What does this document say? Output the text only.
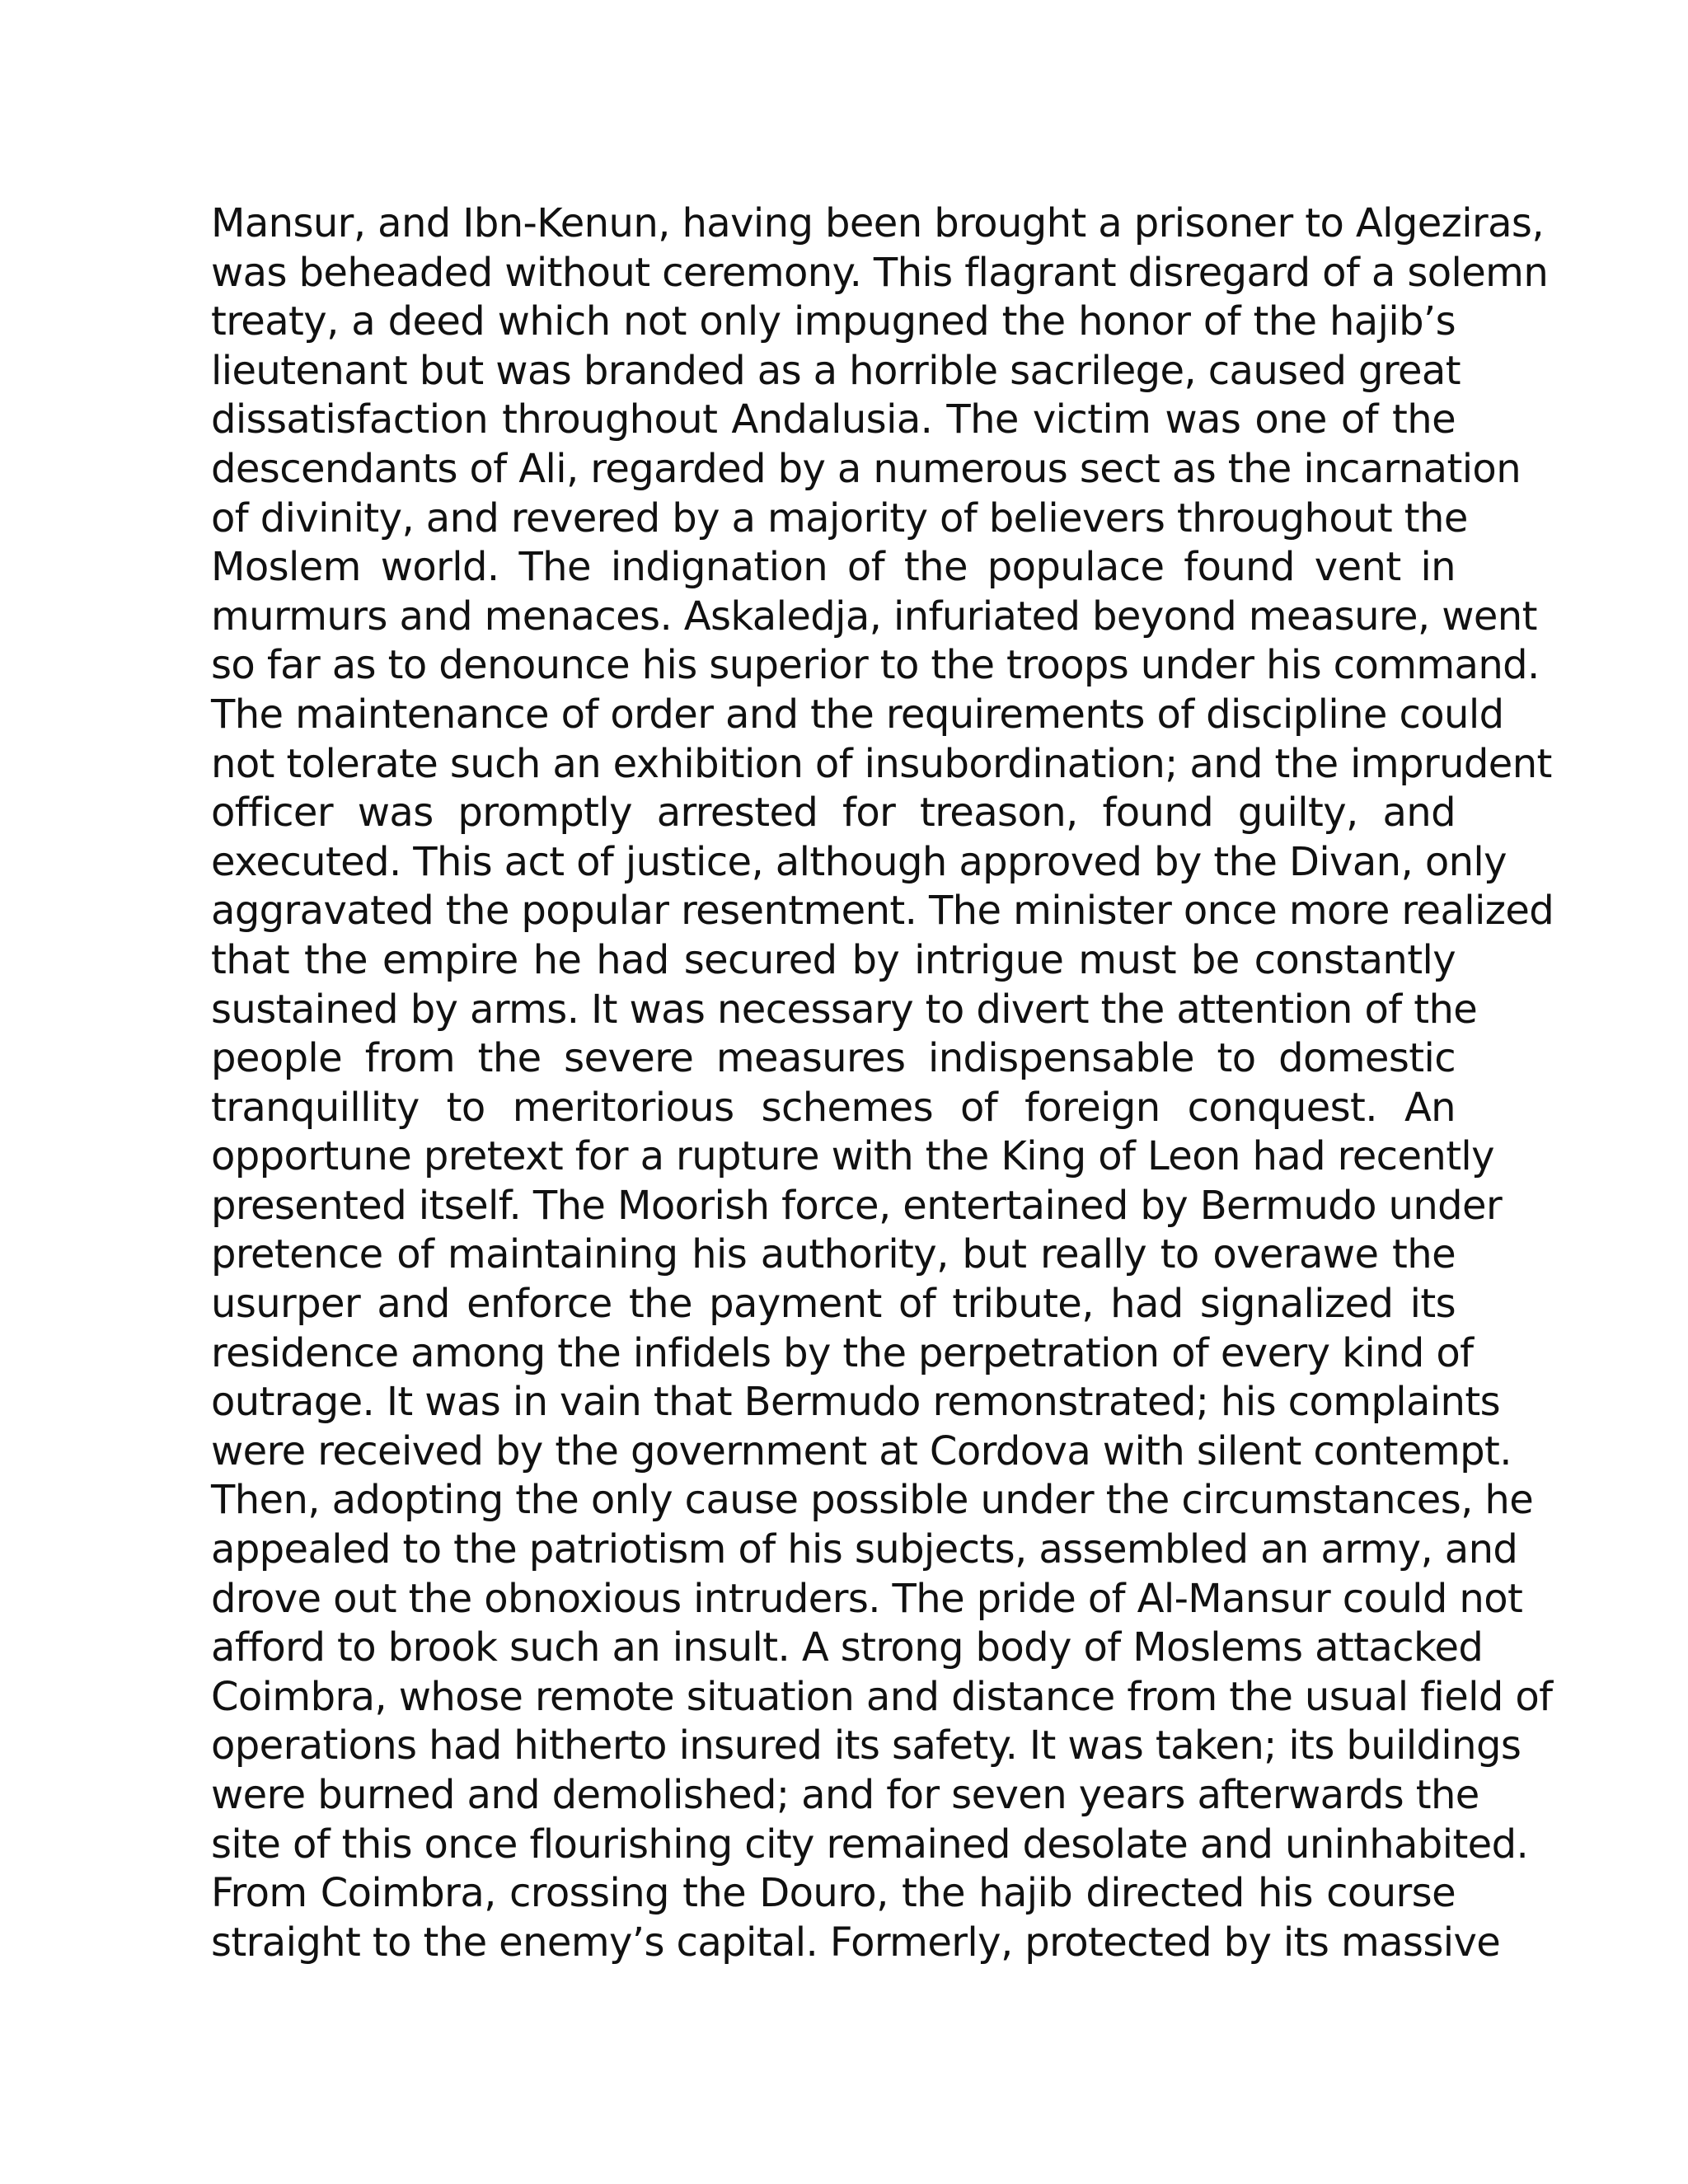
Mansur, and Ibn-Kenun, having been brought a prisoner to Algeziras,
was beheaded without ceremony. This flagrant disregard of a solemn
treaty, a deed which not only impugned the honor of the hajib’s
lieutenant but was branded as a horrible sacrilege, caused great
dissatisfaction throughout Andalusia. The victim was one of the
descendants of Ali, regarded by a numerous sect as the incarnation
of divinity, and revered by a majority of believers throughout the
Moslem world. The indignation of the populace found vent in
murmurs and menaces. Askaledja, infuriated beyond measure, went
so far as to denounce his superior to the troops under his command.
The maintenance of order and the requirements of discipline could
not tolerate such an exhibition of insubordination; and the imprudent
officer was promptly arrested for treason, found guilty, and
executed. This act of justice, although approved by the Divan, only
aggravated the popular resentment. The minister once more realized
that the empire he had secured by intrigue must be constantly
sustained by arms. It was necessary to divert the attention of the
people from the severe measures indispensable to domestic
tranquillity to meritorious schemes of foreign conquest. An
opportune pretext for a rupture with the King of Leon had recently
presented itself. The Moorish force, entertained by Bermudo under
pretence of maintaining his authority, but really to overawe the
usurper and enforce the payment of tribute, had signalized its
residence among the infidels by the perpetration of every kind of
outrage. It was in vain that Bermudo remonstrated; his complaints
were received by the government at Cordova with silent contempt.
Then, adopting the only cause possible under the circumstances, he
appealed to the patriotism of his subjects, assembled an army, and
drove out the obnoxious intruders. The pride of Al-Mansur could not
afford to brook such an insult. A strong body of Moslems attacked
Coimbra, whose remote situation and distance from the usual field of
operations had hitherto insured its safety. It was taken; its buildings
were burned and demolished; and for seven years afterwards the
site of this once flourishing city remained desolate and uninhabited.
From Coimbra, crossing the Douro, the hajib directed his course
straight to the enemy’s capital. Formerly, protected by its massive
